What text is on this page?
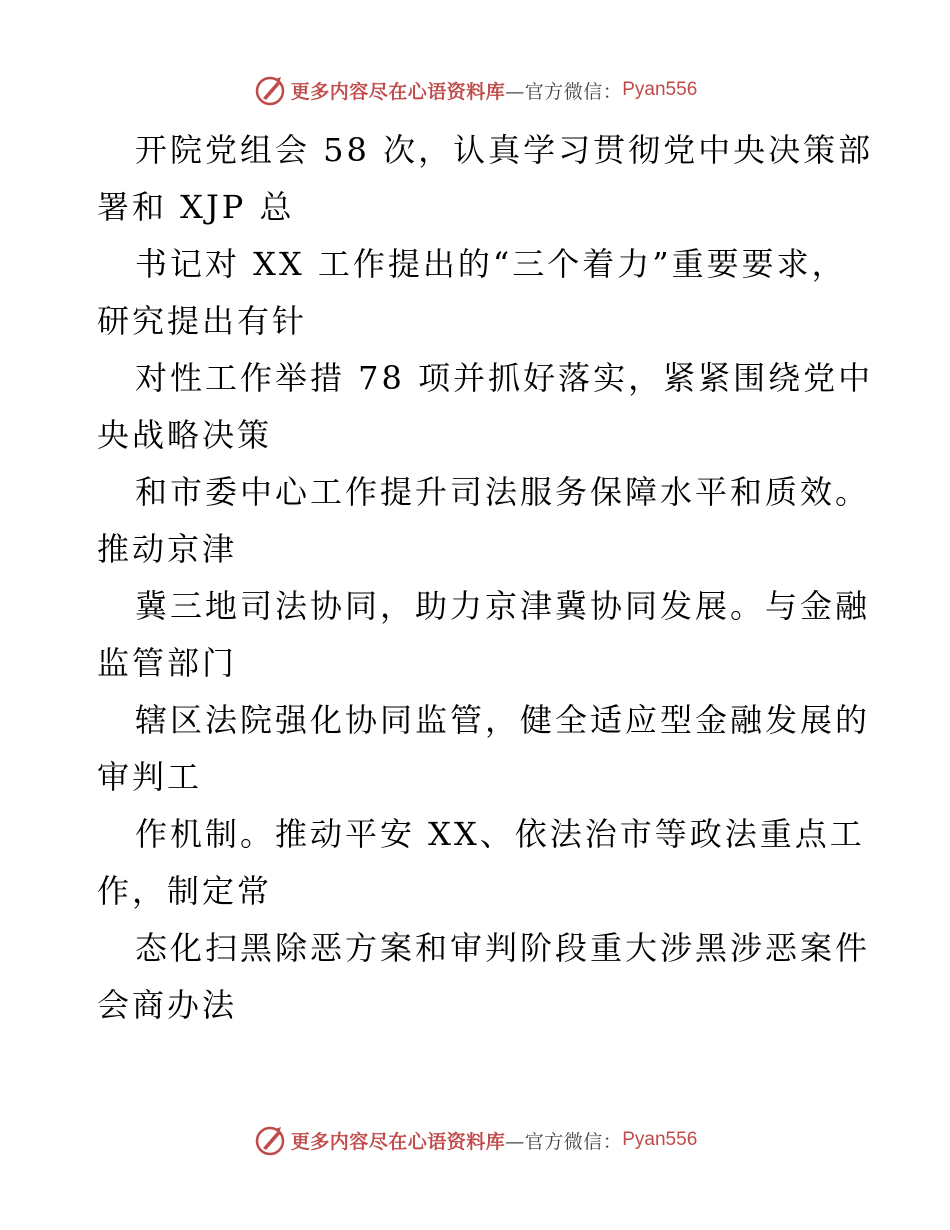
更多内容尽在心语资料库 —官方微信： Pyan556
开院党组会 58 次，认真学习贯彻党中央决策部
署和 XJP 总
书记对 XX 工作提出的“三个着力”重要要求，
研究提出有针
对性工作举措 78 项并抓好落实，紧紧围绕党中
央战略决策
和市委中心工作提升司法服务保障水平和质效。
推动京津
冀三地司法协同，助力京津冀协同发展。与金融
监管部门
辖区法院强化协同监管，健全适应型金融发展的
审判工
作机制。推动平安 XX、依法治市等政法重点工
作，制定常
态化扫黑除恶方案和审判阶段重大涉黑涉恶案件
会商办法
更多内容尽在心语资料库 —官方微信： Pyan556
